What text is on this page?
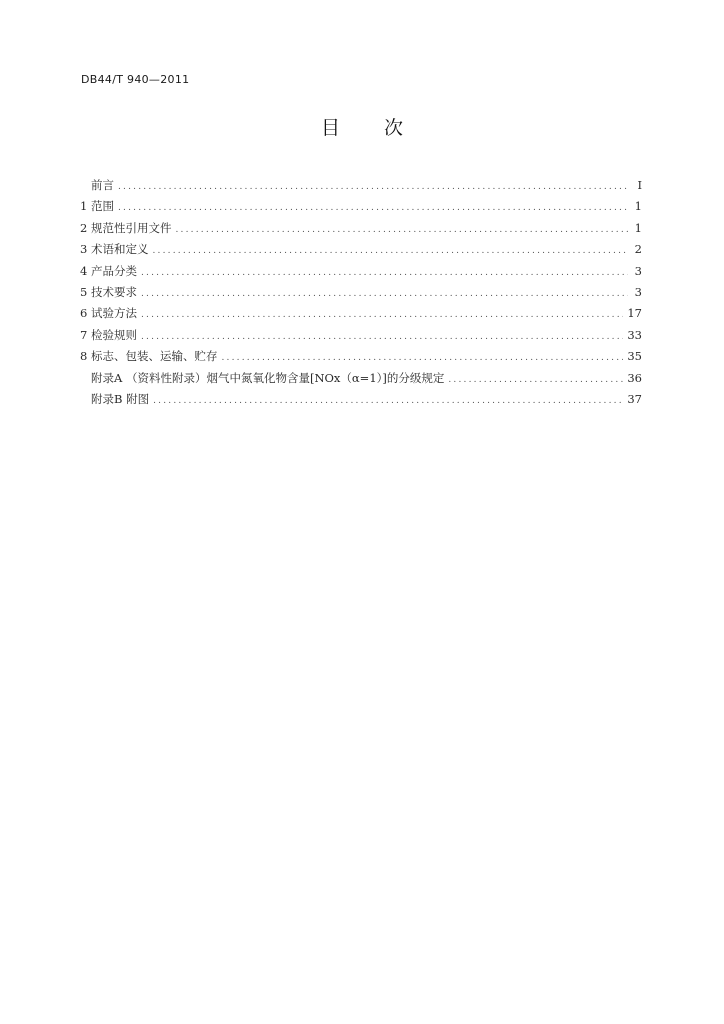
DB44/T 940—2011
目 次
前言 .....	I
1 范围 .....	1
2 规范性引用文件 .....	1
3 术语和定义 .....	2
4 产品分类 .....	3
5 技术要求 .....	3
6 试验方法 .....	17
7 检验规则 .....	33
8 标志、包装、运输、贮存 .....	35
附录A （资料性附录）烟气中氮氧化物含量[NOx（α=1）]的分级规定 .....	36
附录B 附图 .....	37
